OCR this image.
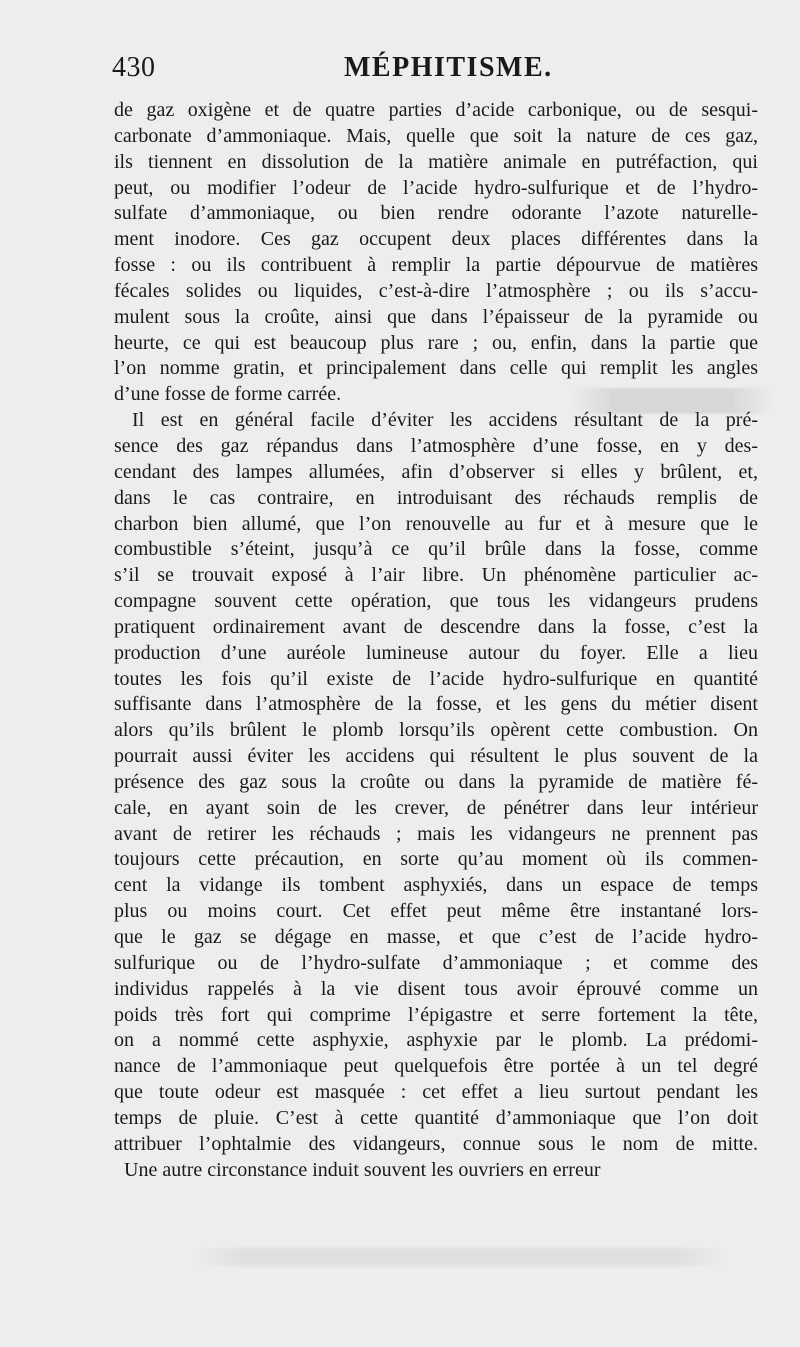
430	MÉPHITISME.
de gaz oxigène et de quatre parties d’acide carbonique, ou de sesqui-
carbonate d’ammoniaque. Mais, quelle que soit la nature de ces gaz,
ils tiennent en dissolution de la matière animale en putréfaction, qui
peut, ou modifier l’odeur de l’acide hydro-sulfurique et de l’hydro-
sulfate d’ammoniaque, ou bien rendre odorante l’azote naturelle-
ment inodore. Ces gaz occupent deux places différentes dans la
fosse : ou ils contribuent à remplir la partie dépourvue de matières
fécales solides ou liquides, c’est-à-dire l’atmosphère ; ou ils s’accu-
mulent sous la croûte, ainsi que dans l’épaisseur de la pyramide ou
heurte, ce qui est beaucoup plus rare ; ou, enfin, dans la partie que
l’on nomme gratin, et principalement dans celle qui remplit les angles
d’une fosse de forme carrée.
Il est en général facile d’éviter les accidens résultant de la pré-
sence des gaz répandus dans l’atmosphère d’une fosse, en y des-
cendant des lampes allumées, afin d’observer si elles y brûlent, et,
dans le cas contraire, en introduisant des réchauds remplis de
charbon bien allumé, que l’on renouvelle au fur et à mesure que le
combustible s’éteint, jusqu’à ce qu’il brûle dans la fosse, comme
s’il se trouvait exposé à l’air libre. Un phénomène particulier ac-
compagne souvent cette opération, que tous les vidangeurs prudens
pratiquent ordinairement avant de descendre dans la fosse, c’est la
production d’une auréole lumineuse autour du foyer. Elle a lieu
toutes les fois qu’il existe de l’acide hydro-sulfurique en quantité
suffisante dans l’atmosphère de la fosse, et les gens du métier disent
alors qu’ils brûlent le plomb lorsqu’ils opèrent cette combustion. On
pourrait aussi éviter les accidens qui résultent le plus souvent de la
présence des gaz sous la croûte ou dans la pyramide de matière fé-
cale, en ayant soin de les crever, de pénétrer dans leur intérieur
avant de retirer les réchauds ; mais les vidangeurs ne prennent pas
toujours cette précaution, en sorte qu’au moment où ils commen-
cent la vidange ils tombent asphyxiés, dans un espace de temps
plus ou moins court. Cet effet peut même être instantané lors-
que le gaz se dégage en masse, et que c’est de l’acide hydro-
sulfurique ou de l’hydro-sulfate d’ammoniaque ; et comme des
individus rappelés à la vie disent tous avoir éprouvé comme un
poids très fort qui comprime l’épigastre et serre fortement la tête,
on a nommé cette asphyxie, asphyxie par le plomb. La prédomi-
nance de l’ammoniaque peut quelquefois être portée à un tel degré
que toute odeur est masquée : cet effet a lieu surtout pendant les
temps de pluie. C’est à cette quantité d’ammoniaque que l’on doit
attribuer l’ophtalmie des vidangeurs, connue sous le nom de mitte.
Une autre circonstance induit souvent les ouvriers en erreur
